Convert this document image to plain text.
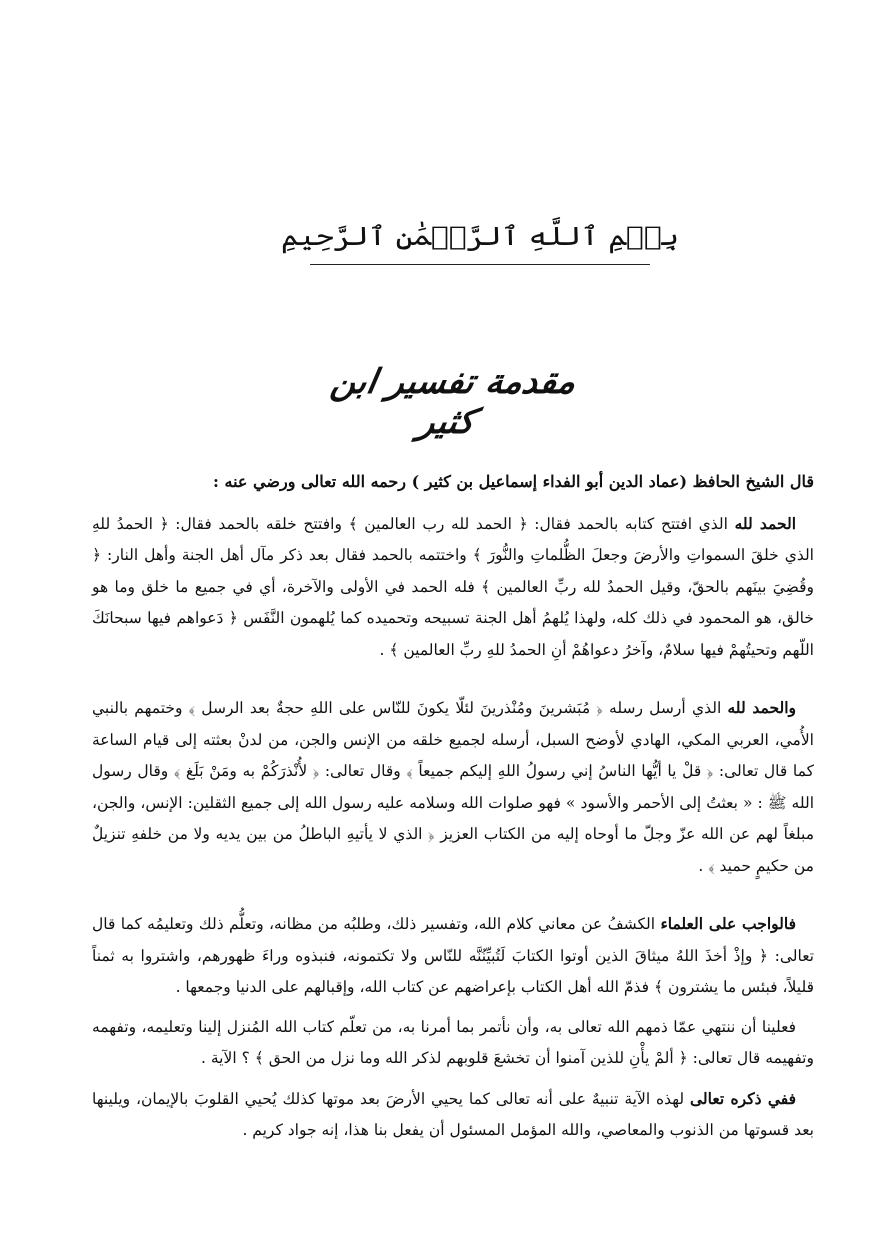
بِسۡمِ ٱللَّهِ ٱلرَّحۡمَٰنِ ٱلرَّحِيمِ
مقدمة تفسير ابن كثير

قال الشيخ الحافظ (عماد الدين أبو الفداء إسماعيل بن كثير ) رحمه الله تعالى ورضي عنه :

الحمد لله الذي افتتح كتابه بالحمد فقال: ﴿ الحمد لله رب العالمين ﴾ وافتتح خلقه بالحمد فقال: ﴿ الحمدُ للهِ الذي خلقَ السمواتِ والأرضَ وجعلَ الظُّلماتِ والنُّورَ ﴾ واختتمه بالحمد فقال بعد ذكر مآل أهل الجنة وأهل النار: ﴿ وقُضِيَ بينَهم بالحقّ، وقيل الحمدُ لله ربِّ العالمين ﴾ فله الحمد في الأولى والآخرة، أي في جميع ما خلق وما هو خالق، هو المحمود في ذلك كله، ولهذا يُلهمُ أهل الجنة تسبيحه وتحميده كما يُلهمون النَّفَس ﴿ دَعواهم فيها سبحانَكَ اللّهم وتحيتُهمْ فيها سلامٌ، وآخرُ دعواهُمْ أنِ الحمدُ للهِ ربِّ العالمين ﴾ .

والحمد لله الذي أرسل رسله ﴿ مُبَشرينَ ومُنْذرينَ لئلّا يكونَ للنّاس على اللهِ حجةٌ بعد الرسل ﴾ وختمهم بالنبي الأُمي، العربي المكي، الهادي لأوضح السبل، أرسله لجميع خلقه من الإنس والجن، من لدنْ بعثته إلى قيام الساعة كما قال تعالى: ﴿ قلْ يا أيُّها الناسُ إني رسولُ اللهِ إليكم جميعاً ﴾ وقال تعالى: ﴿ لأُنْذرَكُمْ به ومَنْ بَلَغ ﴾ وقال رسول الله ﷺ : « بعثتُ إلى الأحمر والأسود » فهو صلوات الله وسلامه عليه رسول الله إلى جميع الثقلين: الإنس، والجن، مبلغاً لهم عن الله عزّ وجلّ ما أوحاه إليه من الكتاب العزيز ﴿ الذي لا يأتيهِ الباطلُ من بين يديه ولا من خلفهِ تنزيلٌ من حكيمٍ حميد ﴾ .

فالواجب على العلماء الكشفُ عن معاني كلام الله، وتفسير ذلك، وطلبُه من مظانه، وتعلُّم ذلك وتعليمُه كما قال تعالى: ﴿ وإذْ أخذَ اللهُ ميثاقَ الذين أوتوا الكتابَ لَتُبيِّنُنَّه للنّاس ولا تكتمونه، فنبذوه وراءَ ظهورهم، واشتروا به ثمناً قليلاً، فبئس ما يشترون ﴾ فذمّ الله أهل الكتاب بإعراضهم عن كتاب الله، وإقبالهم على الدنيا وجمعها .

فعلينا أن ننتهي عمّا ذمهم الله تعالى به، وأن نأتمر بما أمرنا به، من تعلّم كتاب الله المُنزل إلينا وتعليمه، وتفهمه وتفهيمه قال تعالى: ﴿ ألمْ يأْنِ للذين آمنوا أن تخشعَ قلوبهم لذكر الله وما نزل من الحق ﴾ ؟ الآية .

ففي ذكره تعالى لهذه الآية تنبيهٌ على أنه تعالى كما يحيي الأرضَ بعد موتها كذلك يُحيي القلوبَ بالإيمان، ويلينها بعد قسوتها من الذنوب والمعاصي، والله المؤمل المسئول أن يفعل بنا هذا، إنه جواد كريم .
